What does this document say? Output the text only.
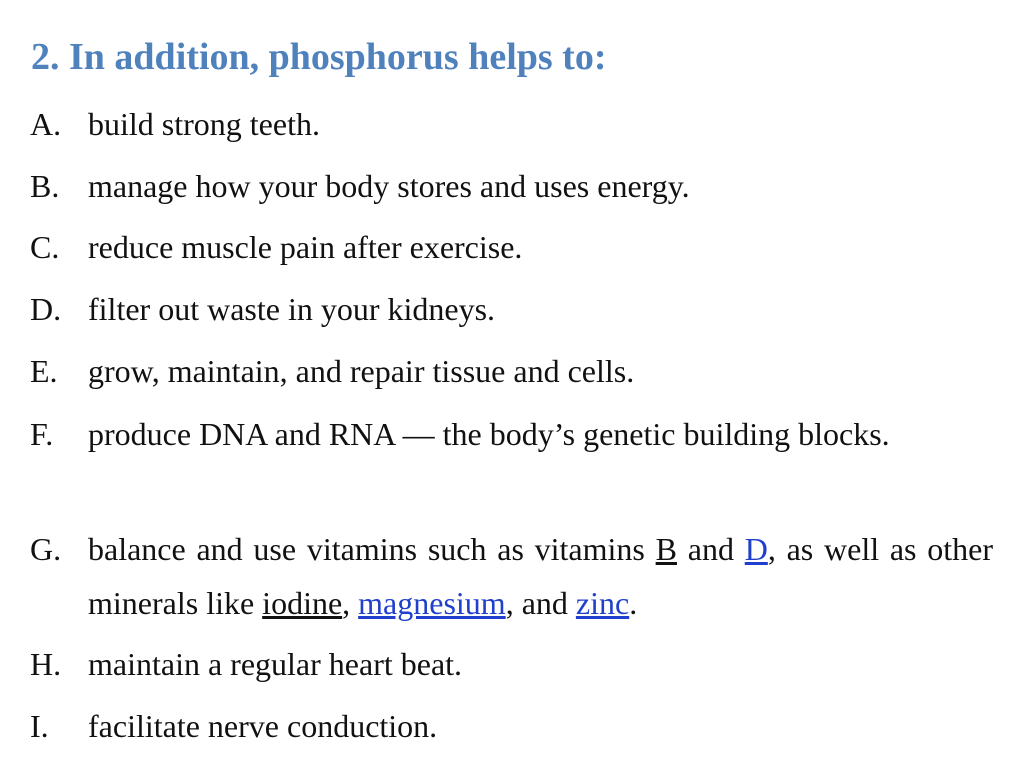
2. In addition, phosphorus helps to:
A. build strong teeth.
B. manage how your body stores and uses energy.
C. reduce muscle pain after exercise.
D. filter out waste in your kidneys.
E. grow, maintain, and repair tissue and cells.
F.	produce DNA and RNA — the body’s genetic building blocks.
G. balance and use vitamins such as vitamins B and D, as well as other minerals like iodine, magnesium, and zinc.
H. maintain a regular heart beat.
I.	facilitate nerve conduction.
